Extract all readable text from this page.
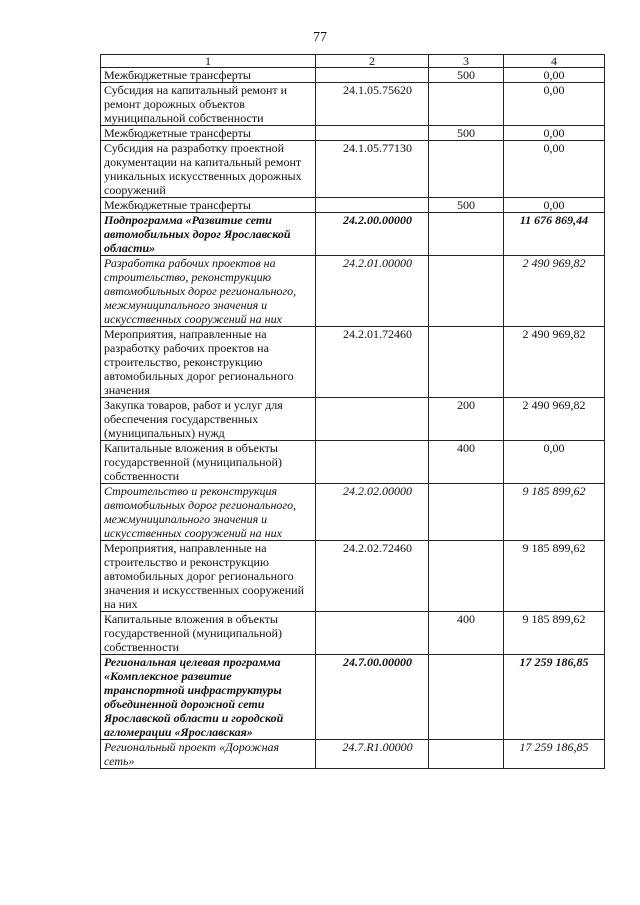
77
1	2	3	4
Межбюджетные трансферты		500	0,00
Субсидия на капитальный ремонт и ремонт дорожных объектов муниципальной собственности	24.1.05.75620		0,00
Межбюджетные трансферты		500	0,00
Субсидия на разработку проектной документации на капитальный ремонт уникальных искусственных дорожных сооружений	24.1.05.77130		0,00
Межбюджетные трансферты		500	0,00
Подпрограмма «Развитие сети автомобильных дорог Ярославской области»	24.2.00.00000		11 676 869,44
Разработка рабочих проектов на строительство, реконструкцию автомобильных дорог регионального, межмуниципального значения и искусственных сооружений на них	24.2.01.00000		2 490 969,82
Мероприятия, направленные на разработку рабочих проектов на строительство, реконструкцию автомобильных дорог регионального значения	24.2.01.72460		2 490 969,82
Закупка товаров, работ и услуг для обеспечения государственных (муниципальных) нужд		200	2 490 969,82
Капитальные вложения в объекты государственной (муниципальной) собственности		400	0,00
Строительство и реконструкция автомобильных дорог регионального, межмуниципального значения и искусственных сооружений на них	24.2.02.00000		9 185 899,62
Мероприятия, направленные на строительство и реконструкцию автомобильных дорог регионального значения и искусственных сооружений на них	24.2.02.72460		9 185 899,62
Капитальные вложения в объекты государственной (муниципальной) собственности		400	9 185 899,62
Региональная целевая программа «Комплексное развитие транспортной инфраструктуры объединенной дорожной сети Ярославской области и городской агломерации «Ярославская»	24.7.00.00000		17 259 186,85
Региональный проект «Дорожная сеть»	24.7.R1.00000		17 259 186,85
